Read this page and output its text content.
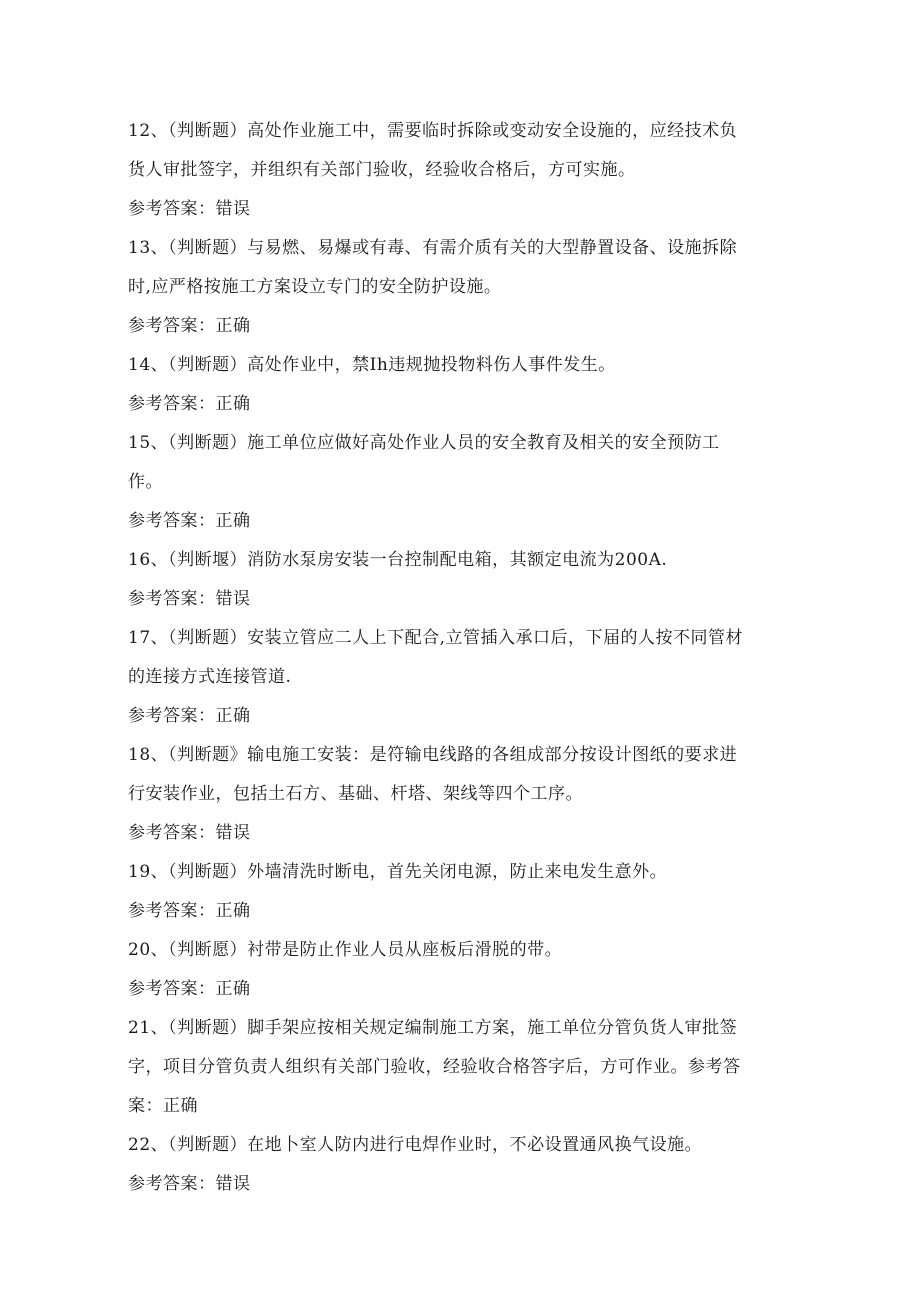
12、（判断题）高处作业施工中，需要临时拆除或变动安全设施的，应经技术负

货人审批签字，并组织有关部门验收，经验收合格后，方可实施。

参考答案：错误

13、（判断题）与易燃、易爆或有毒、有需介质有关的大型静置设备、设施拆除

时,应严格按施工方案设立专门的安全防护设施。

参考答案：正确

14、（判断题）高处作业中，禁Ih违规抛投物料伤人事件发生。

参考答案：正确

15、（判断题）施工单位应做好高处作业人员的安全教育及相关的安全预防工

作。

参考答案：正确

16、（判断堰）消防水泵房安装一台控制配电箱，其额定电流为200A.

参考答案：错误

17、（判断题）安装立管应二人上下配合,立管插入承口后，下届的人按不同管材

的连接方式连接管道.

参考答案：正确

18、（判断题》输电施工安装：是符输电线路的各组成部分按设计图纸的要求进

行安装作业，包括土石方、基础、杆塔、架线等四个工序。

参考答案：错误

19、（判断题）外墙清洗时断电，首先关闭电源，防止来电发生意外。

参考答案：正确

20、（判断愿）衬带是防止作业人员从座板后滑脱的带。

参考答案：正确

21、（判断题）脚手架应按相关规定编制施工方案，施工单位分管负货人审批签

字，项目分管负责人组织有关部门验收，经验收合格答字后，方可作业。参考答

案：正确

22、（判断题）在地卜室人防内进行电焊作业时，不必设置通风换气设施。

参考答案：错误
